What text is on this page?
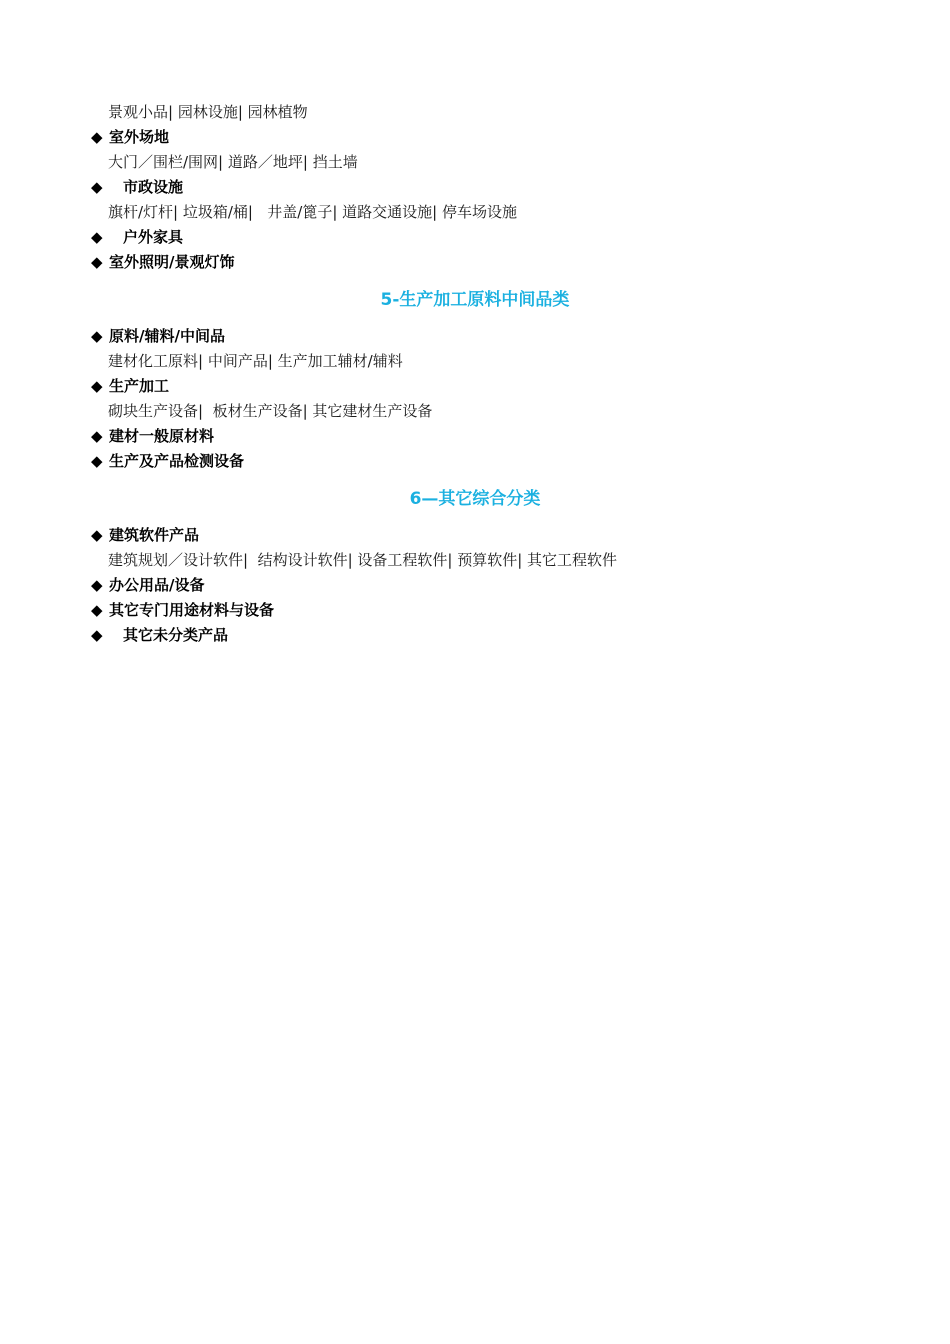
景观小品| 园林设施| 园林植物
◆ 室外场地
大门／围栏/围网| 道路／地坪| 挡土墙
◆ 市政设施
旗杆/灯杆| 垃圾箱/桶|   井盖/篦子| 道路交通设施| 停车场设施
◆ 户外家具
◆ 室外照明/景观灯饰
5-生产加工原料中间品类
◆ 原料/辅料/中间品
建材化工原料| 中间产品| 生产加工辅材/辅料
◆ 生产加工
砌块生产设备|  板材生产设备| 其它建材生产设备
◆ 建材一般原材料
◆ 生产及产品检测设备
6—其它综合分类
◆ 建筑软件产品
建筑规划／设计软件|  结构设计软件| 设备工程软件| 预算软件| 其它工程软件
◆ 办公用品/设备
◆ 其它专门用途材料与设备
◆ 其它未分类产品
